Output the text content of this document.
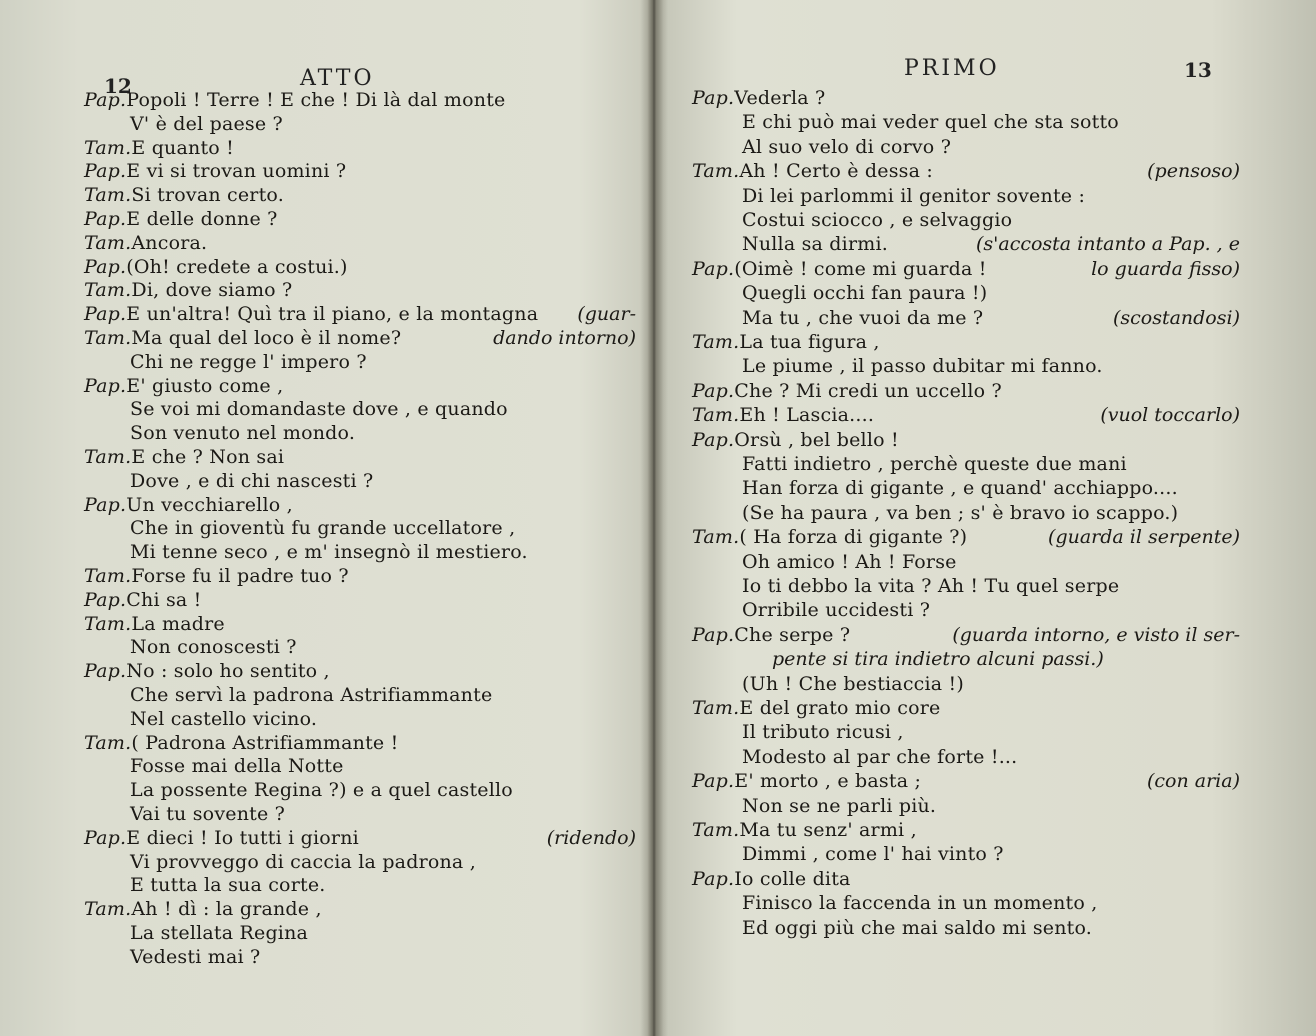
12	ATTO
Pap.Popoli ! Terre ! E che ! Di là dal monte
V' è del paese ?
Tam.E quanto !
Pap.E vi si trovan uomini ?
Tam.Si trovan certo.
Pap.E delle donne ?
Tam.Ancora.
Pap.(Oh! credete a costui.)
Tam.Di, dove siamo ?
Pap.E un'altra! Quì tra il piano, e la montagna (guar-
Tam.Ma qual del loco è il nome?	dando intorno)
Chi ne regge l' impero ?
Pap.E' giusto come ,
Se voi mi domandaste dove , e quando
Son venuto nel mondo.
Tam.E che ? Non sai
Dove , e di chi nascesti ?
Pap.Un vecchiarello ,
Che in gioventù fu grande uccellatore ,
Mi tenne seco , e m' insegnò il mestiero.
Tam.Forse fu il padre tuo ?
Pap.Chi sa !
Tam.La madre
Non conoscesti ?
Pap.No : solo ho sentito ,
Che servì la padrona Astrifiammante
Nel castello vicino.
Tam.( Padrona Astrifiammante !
Fosse mai della Notte
La possente Regina ?) e a quel castello
Vai tu sovente ?
Pap.E dieci ! Io tutti i giorni	(ridendo)
Vi provveggo di caccia la padrona ,
E tutta la sua corte.
Tam.Ah ! dì : la grande ,
La stellata Regina
Vedesti mai ?
PRIMO	13
Pap.Vederla ?
E chi può mai veder quel che sta sotto
Al suo velo di corvo ?
Tam.Ah ! Certo è dessa :	(pensoso)
Di lei parlommi il genitor sovente :
Costui sciocco , e selvaggio
Nulla sa dirmi.	(s'accosta intanto a Pap. , e
Pap.(Oimè ! come mi guarda !	lo guarda fisso)
Quegli occhi fan paura !)
Ma tu , che vuoi da me ?	(scostandosi)
Tam.La tua figura ,
Le piume , il passo dubitar mi fanno.
Pap.Che ? Mi credi un uccello ?
Tam.Eh ! Lascia....	(vuol toccarlo)
Pap.Orsù , bel bello !
Fatti indietro , perchè queste due mani
Han forza di gigante , e quand' acchiappo....
(Se ha paura , va ben ; s' è bravo io scappo.)
Tam.( Ha forza di gigante ?)	(guarda il serpente)
Oh amico ! Ah ! Forse
Io ti debbo la vita ? Ah ! Tu quel serpe
Orribile uccidesti ?
Pap.Che serpe ?	(guarda intorno, e visto il ser-
pente si tira indietro alcuni passi.)
(Uh ! Che bestiaccia !)
Tam.E del grato mio core
Il tributo ricusi ,
Modesto al par che forte !...
Pap.E' morto , e basta ;	(con aria)
Non se ne parli più.
Tam.Ma tu senz' armi ,
Dimmi , come l' hai vinto ?
Pap.Io colle dita
Finisco la faccenda in un momento ,
Ed oggi più che mai saldo mi sento.
